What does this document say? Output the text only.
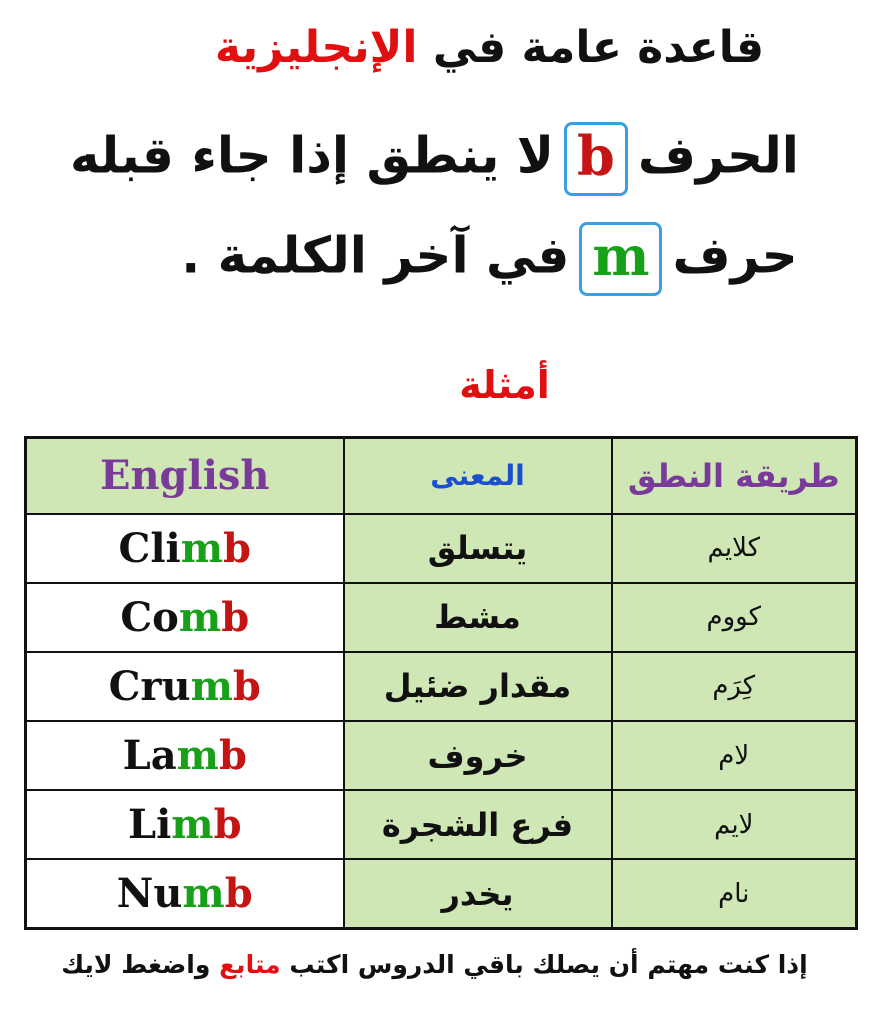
قاعدة عامة في الإنجليزية
الحرفbلا ينطق إذا جاء قبله
حرفmفي آخر الكلمة .
أمثلة
English	المعنى	طريقة النطق
Climb	يتسلق	كلايم
Comb	مشط	كووم
Crumb	مقدار ضئيل	كِرَم
Lamb	خروف	لام
Limb	فرع الشجرة	لايم
Numb	يخدر	نام
إذا كنت مهتم أن يصلك باقي الدروس اكتب متابع واضغط لايك
